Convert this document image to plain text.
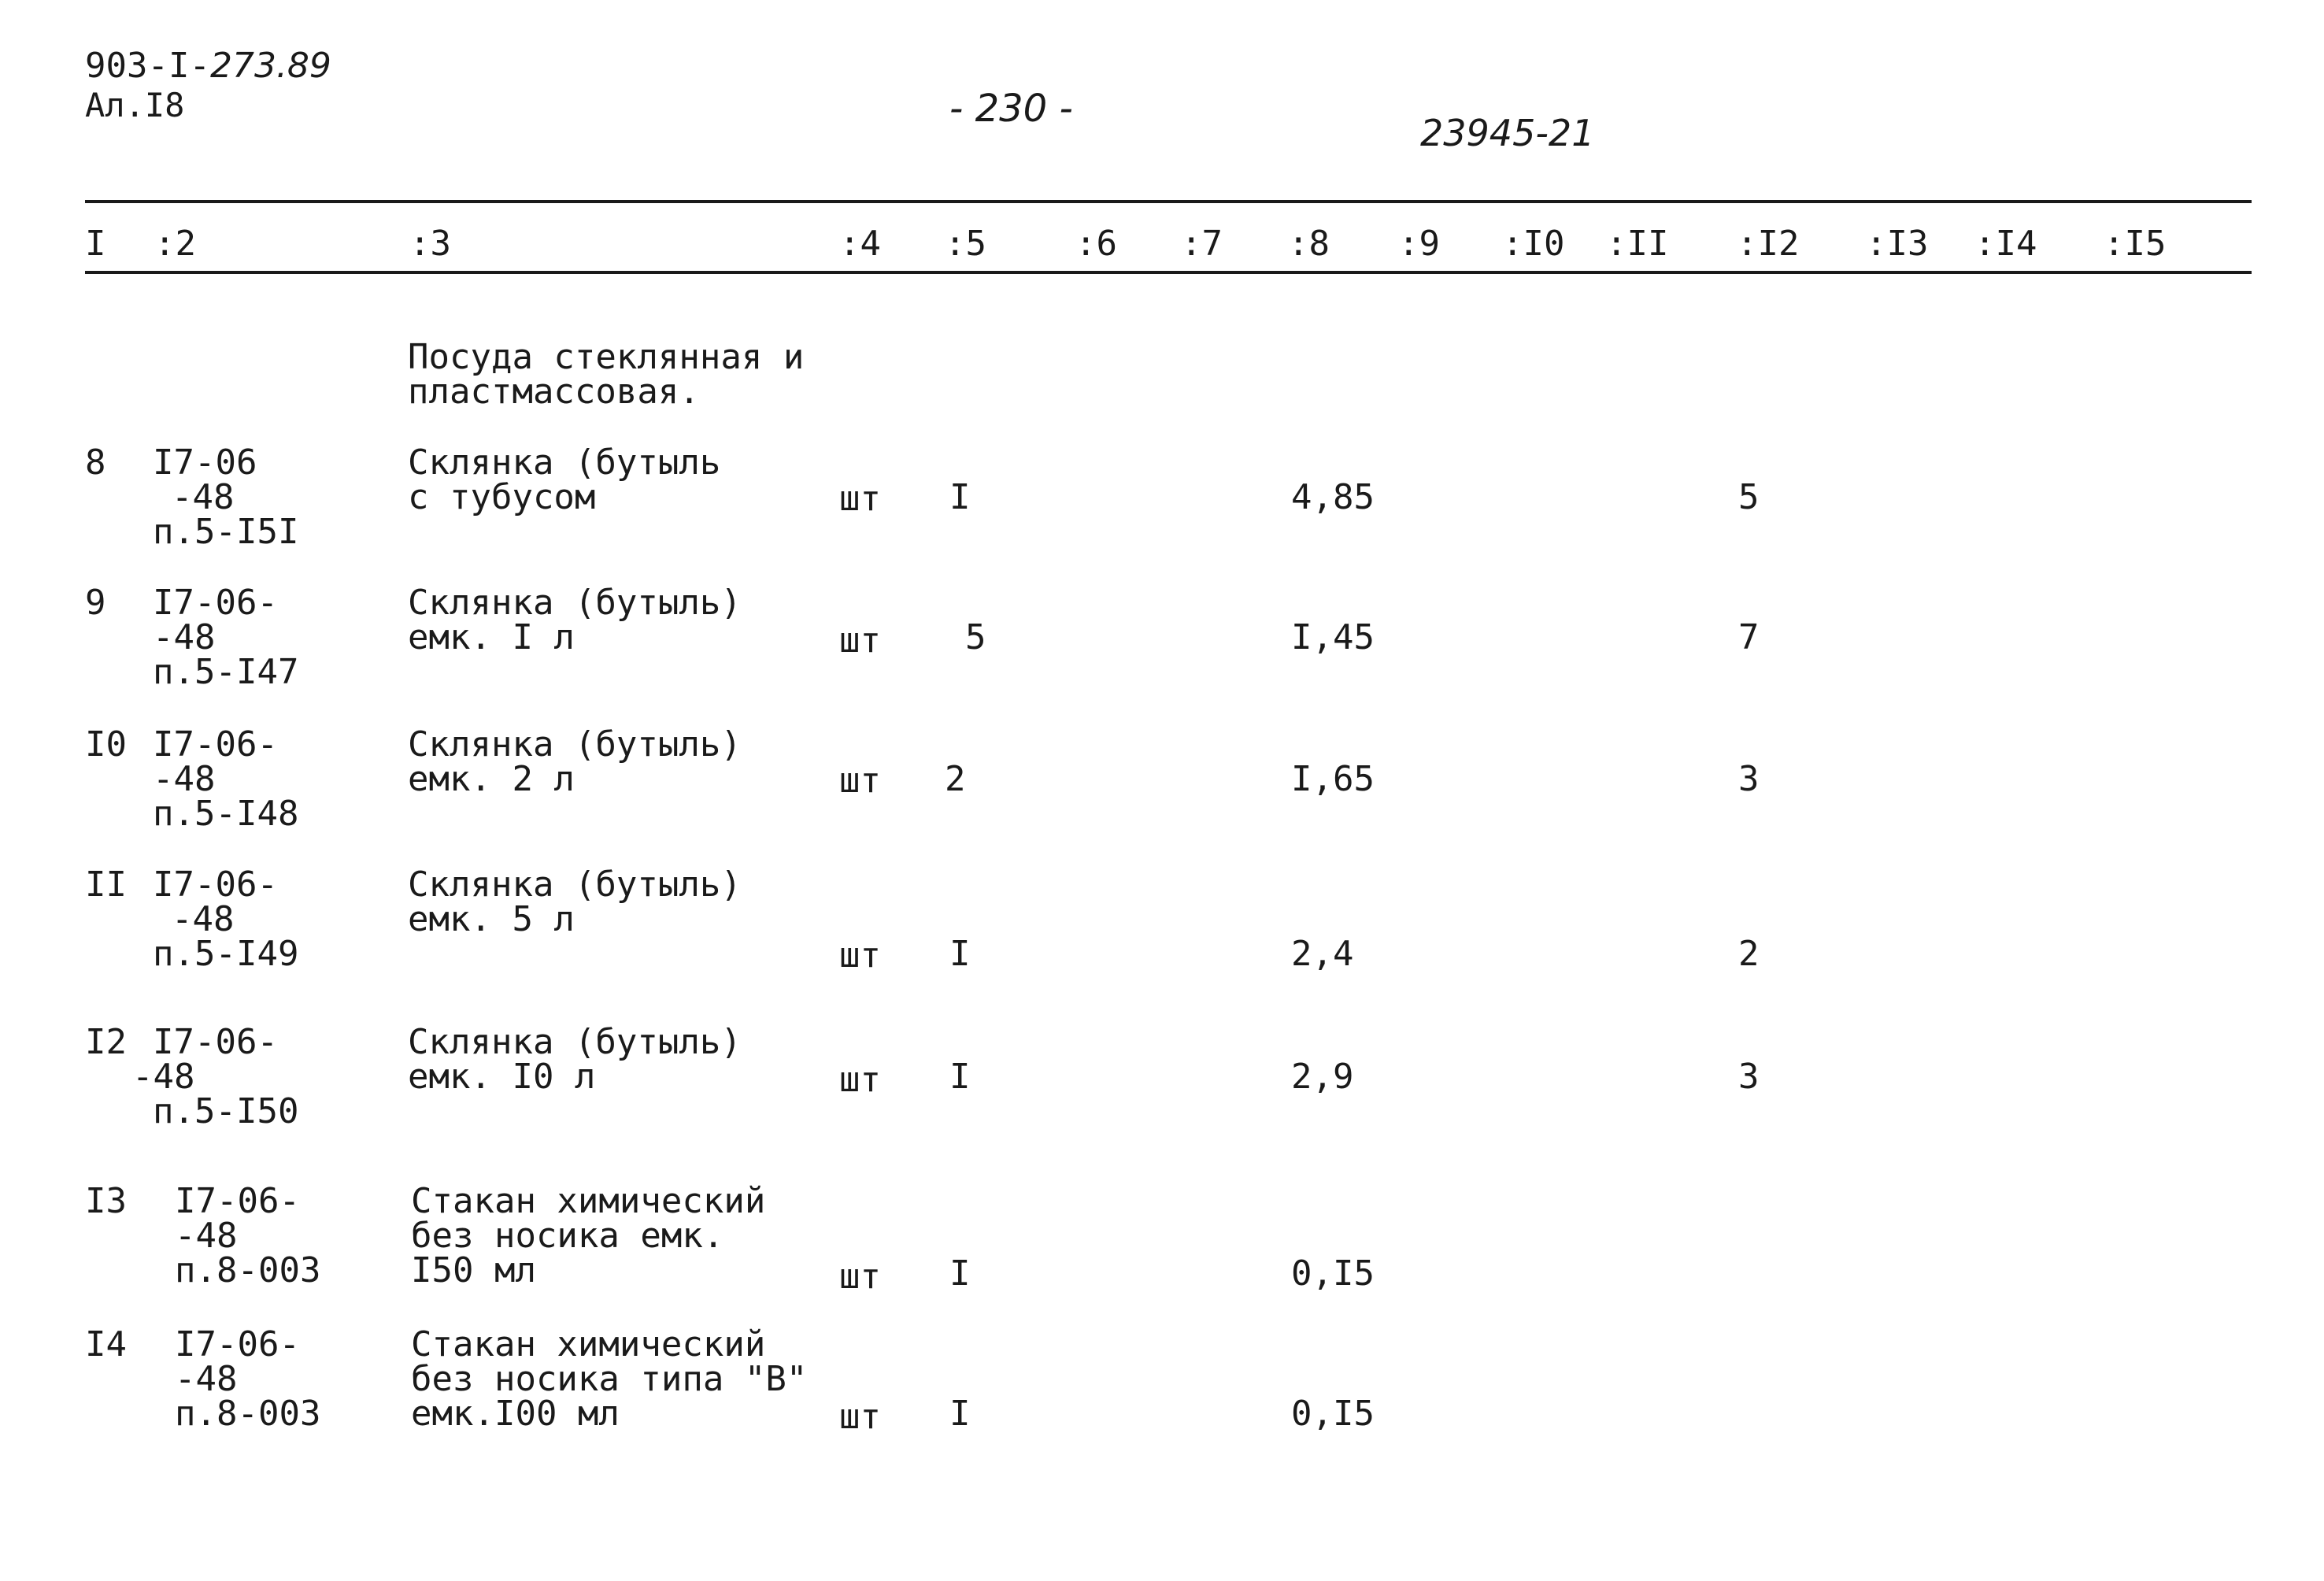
903-I-273.89
Ал.I8	- 230 -
23945-21
I :2	:3	:4 :5	:6 :7 :8 :9 :I0 :II :I2 :I3 :I4 :I5
Посуда стеклянная и
пластмассовая.
8 I7-06
-48
п.5-I5I
Склянка (бутыль
с тубусом	шт I	4,85	5
9 I7-06-
-48
п.5-I47
Склянка (бутыль)
емк. I л	шт 5	I,45	7
I0 I7-06-
-48
п.5-I48
Склянка (бутыль)
емк. 2 л	шт 2	I,65	3
II I7-06-
-48
п.5-I49
Склянка (бутыль)
емк. 5 л
шт I	2,4	2
I2 I7-06-
-48
п.5-I50
Склянка (бутыль)
емк. I0 л	шт I	2,9	3
I3 I7-06-
-48
п.8-003
Стакан химический
без носика емк.
I50 мл	шт I	0,I5
I4 I7-06-
-48
п.8-003
Стакан химический
без носика типа "В"
емк.I00 мл	шт I	0,I5
